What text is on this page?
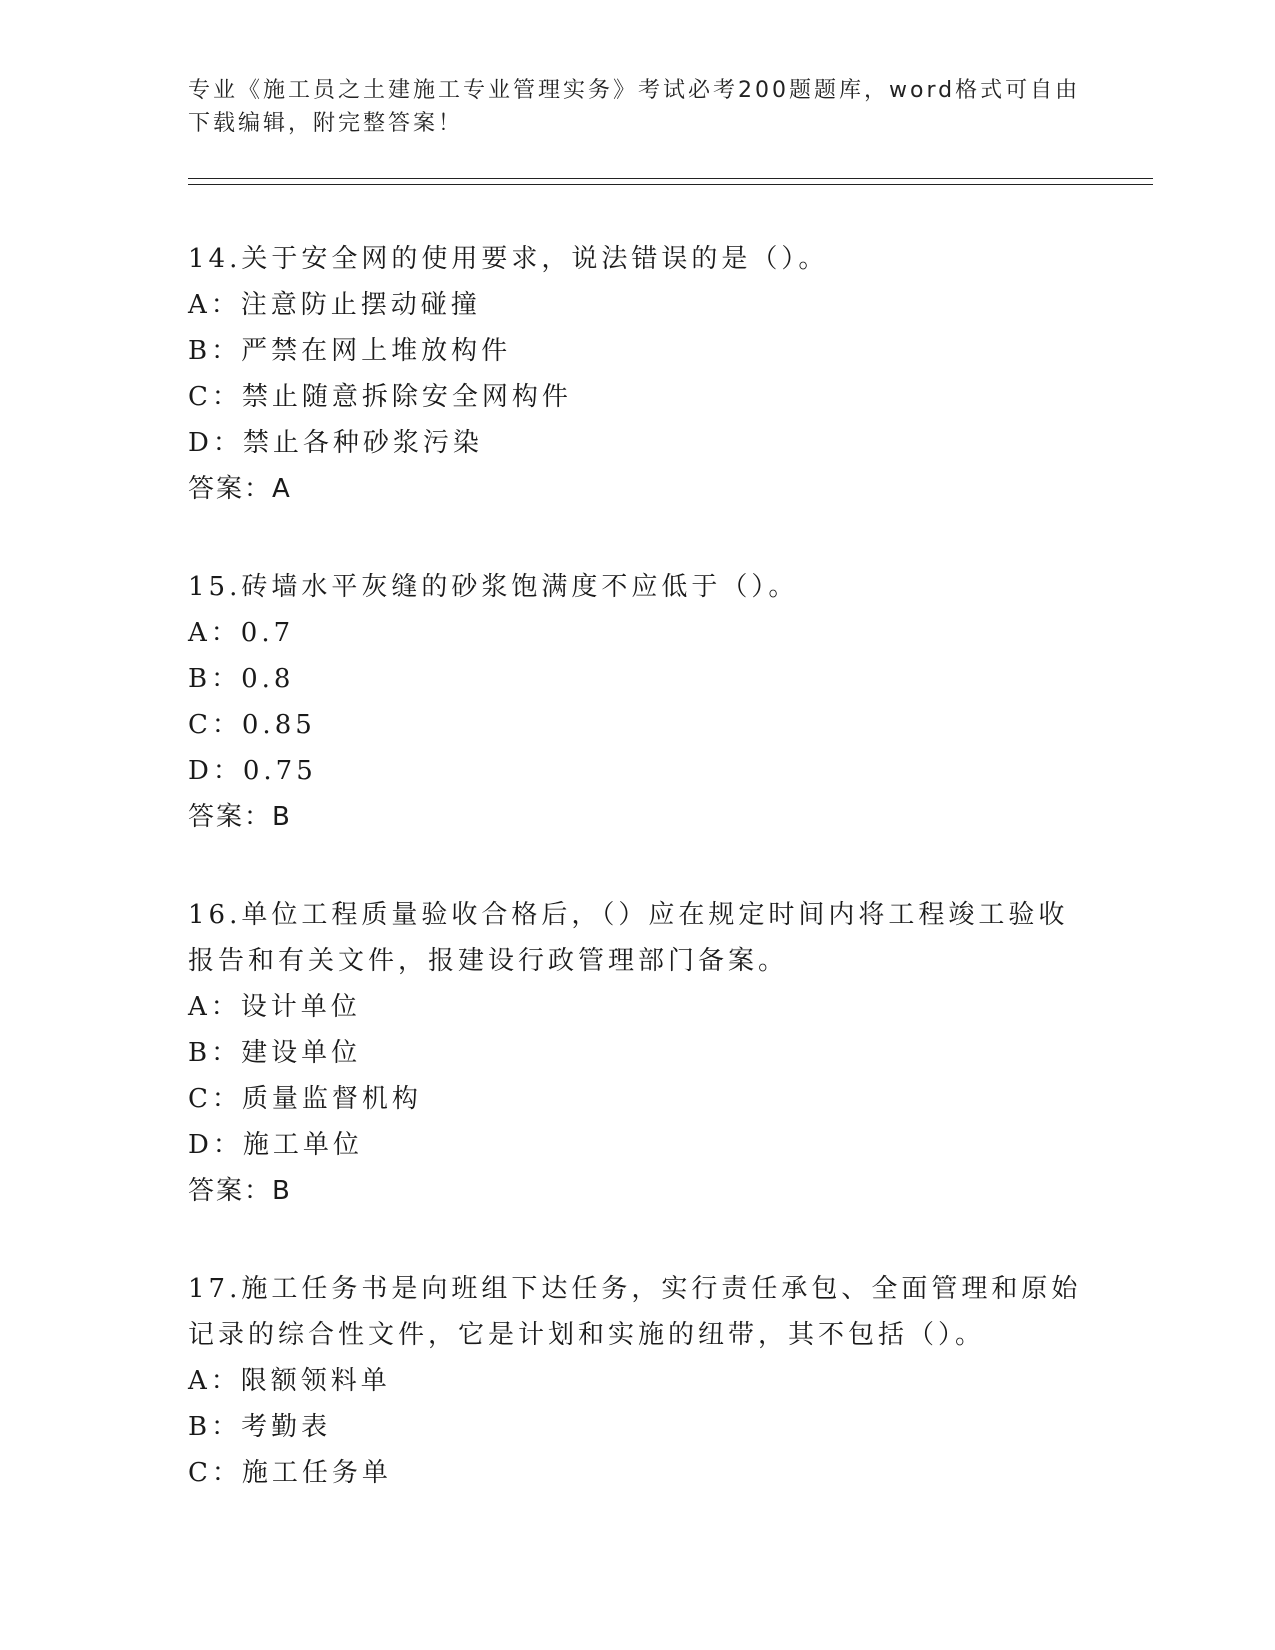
专业《施工员之土建施工专业管理实务》考试必考200题题库，word格式可自由下载编辑，附完整答案！

14.关于安全网的使用要求，说法错误的是（）。

A：注意防止摆动碰撞

B：严禁在网上堆放构件

C：禁止随意拆除安全网构件

D：禁止各种砂浆污染

答案：A

15.砖墙水平灰缝的砂浆饱满度不应低于（）。

A：0.7

B：0.8

C：0.85

D：0.75

答案：B

16.单位工程质量验收合格后，（）应在规定时间内将工程竣工验收报告和有关文件，报建设行政管理部门备案。

A：设计单位

B：建设单位

C：质量监督机构

D：施工单位

答案：B

17.施工任务书是向班组下达任务，实行责任承包、全面管理和原始记录的综合性文件，它是计划和实施的纽带，其不包括（）。

A：限额领料单

B：考勤表

C：施工任务单
